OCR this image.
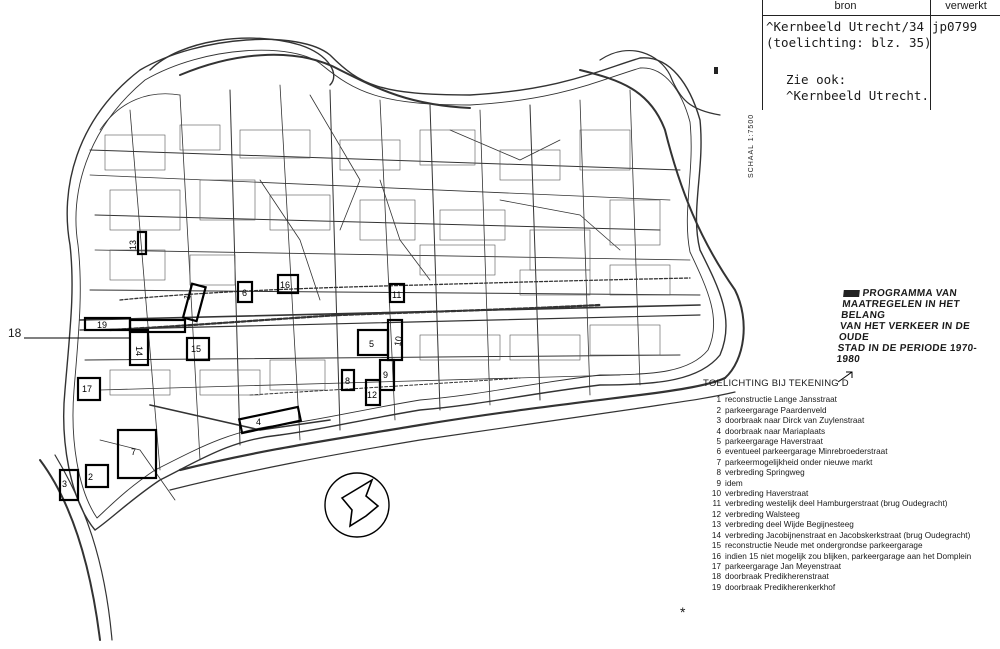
19
14	15
1	6
16
13
11
5 10
9
8
12
4
17
7
2
3
bron	verwerkt
^Kernbeeld Utrecht/34
(toelichting: blz. 35)
jp0799
Zie ook:
^Kernbeeld Utrecht.
SCHAAL 1:7500
PROGRAMMA VAN
MAATREGELEN IN HET BELANG
VAN HET VERKEER IN DE OUDE
STAD IN DE PERIODE 1970-1980
18
TOELICHTING BIJ TEKENING D
1 reconstructie Lange Jansstraat
2 parkeergarage Paardenveld
3 doorbraak naar Dirck van Zuylenstraat
4 doorbraak naar Mariaplaats
5 parkeergarage Haverstraat
6 eventueel parkeergarage Minrebroederstraat
7 parkeermogelijkheid onder nieuwe markt
8 verbreding Springweg
9 idem
10 verbreding Haverstraat
11 verbreding westelijk deel Hamburgerstraat (brug Oudegracht)
12 verbreding Walsteeg
13 verbreding deel Wijde Begijnesteeg
14 verbreding Jacobijnenstraat en Jacobskerkstraat (brug Oudegracht)
15 reconstructie Neude met ondergrondse parkeergarage
16 indien 15 niet mogelijk zou blijken, parkeergarage aan het Domplein
17 parkeergarage Jan Meyenstraat
18 doorbraak Predikherenstraat
19 doorbraak Predikherenkerkhof
*
